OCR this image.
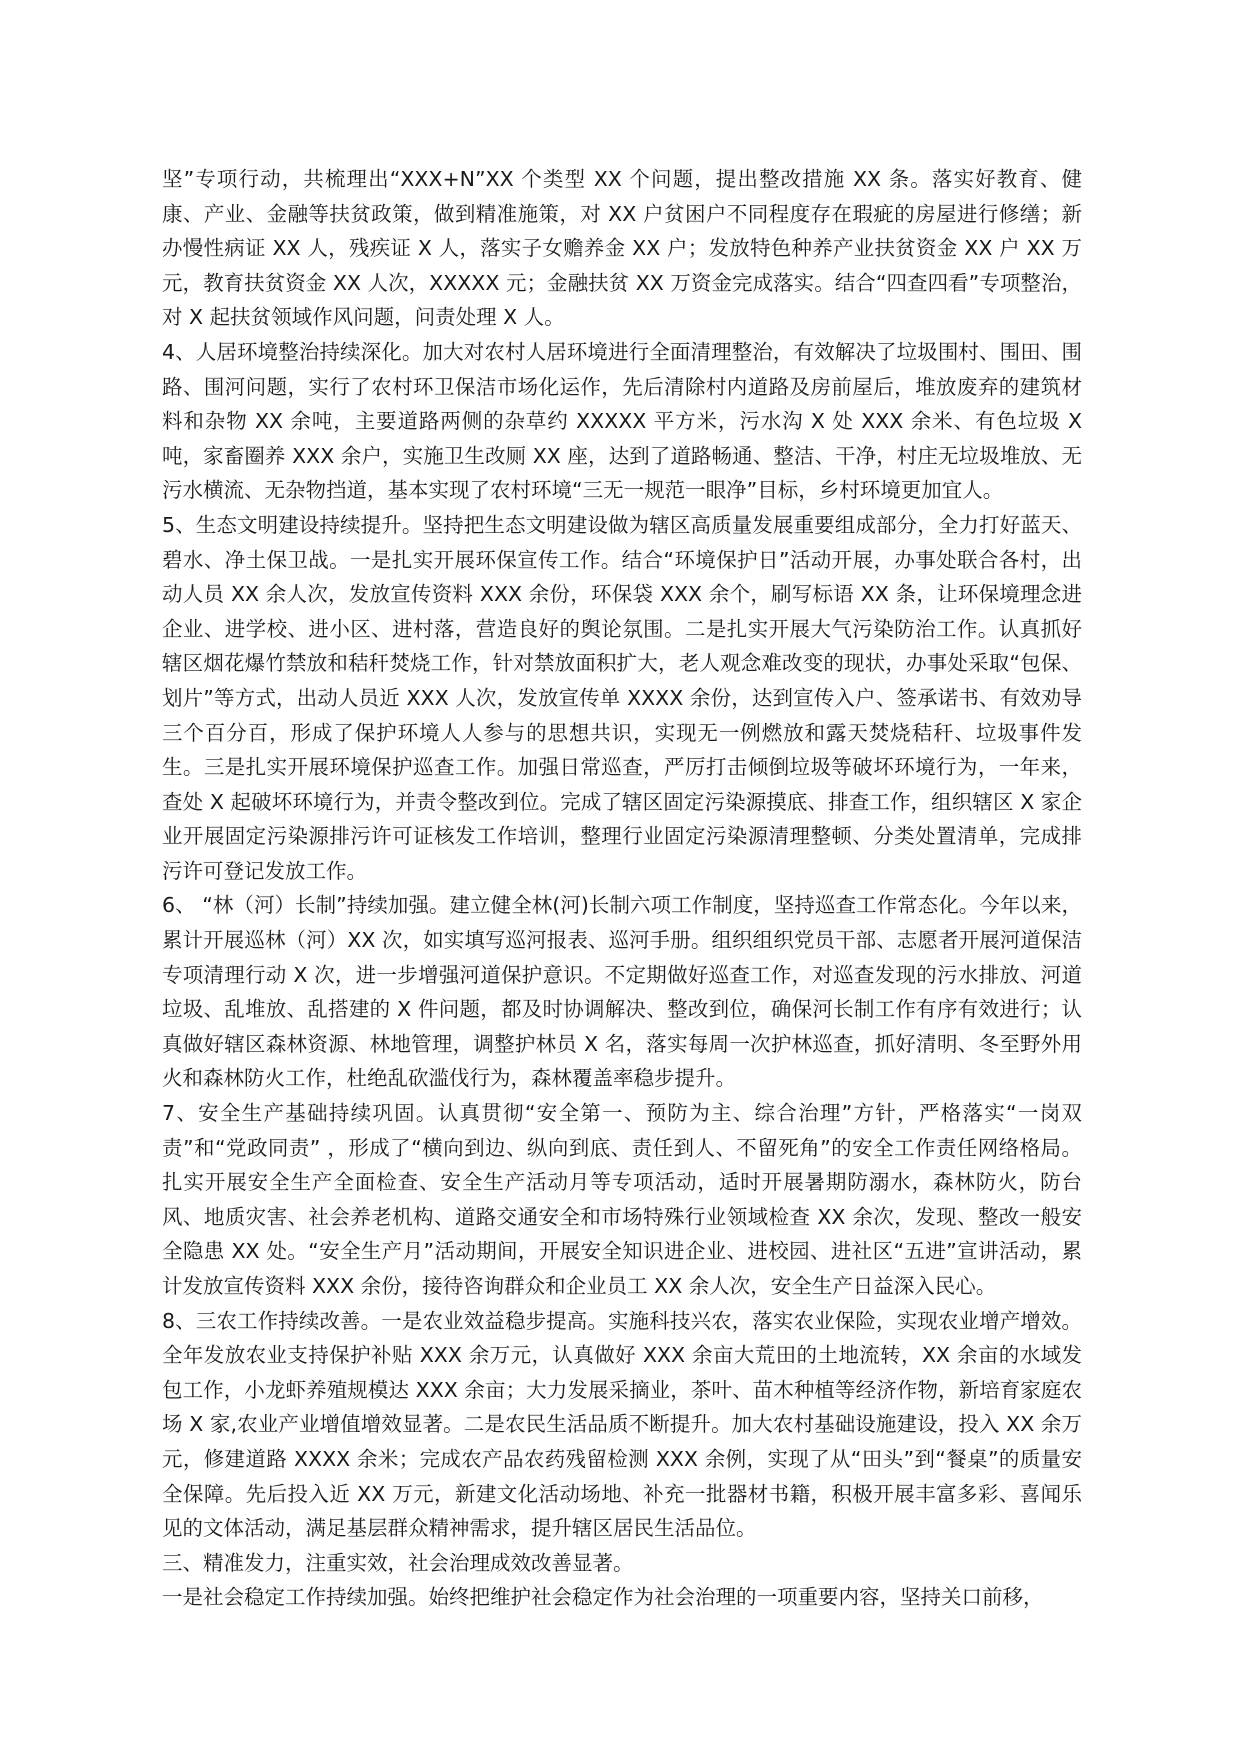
坚”专项行动，共梳理出“XXX+N”XX 个类型 XX 个问题，提出整改措施 XX 条。落实好教育、健康、产业、金融等扶贫政策，做到精准施策，对 XX 户贫困户不同程度存在瑕疵的房屋进行修缮；新办慢性病证 XX 人，残疾证 X 人，落实子女赡养金 XX 户；发放特色种养产业扶贫资金 XX 户 XX 万元，教育扶贫资金 XX 人次，XXXXX 元；金融扶贫 XX 万资金完成落实。结合“四查四看”专项整治，对 X 起扶贫领域作风问题，问责处理 X 人。

4、人居环境整治持续深化。加大对农村人居环境进行全面清理整治，有效解决了垃圾围村、围田、围路、围河问题，实行了农村环卫保洁市场化运作，先后清除村内道路及房前屋后，堆放废弃的建筑材料和杂物 XX 余吨，主要道路两侧的杂草约 XXXXX 平方米，污水沟 X 处 XXX 余米、有色垃圾 X 吨，家畜圈养 XXX 余户，实施卫生改厕 XX 座，达到了道路畅通、整洁、干净，村庄无垃圾堆放、无污水横流、无杂物挡道，基本实现了农村环境“三无一规范一眼净”目标，乡村环境更加宜人。

5、生态文明建设持续提升。坚持把生态文明建设做为辖区高质量发展重要组成部分，全力打好蓝天、碧水、净土保卫战。一是扎实开展环保宣传工作。结合“环境保护日”活动开展，办事处联合各村，出动人员 XX 余人次，发放宣传资料 XXX 余份，环保袋 XXX 余个，刷写标语 XX 条，让环保境理念进企业、进学校、进小区、进村落，营造良好的舆论氛围。二是扎实开展大气污染防治工作。认真抓好辖区烟花爆竹禁放和秸秆焚烧工作，针对禁放面积扩大，老人观念难改变的现状，办事处采取“包保、划片”等方式，出动人员近 XXX 人次，发放宣传单 XXXX 余份，达到宣传入户、签承诺书、有效劝导三个百分百，形成了保护环境人人参与的思想共识，实现无一例燃放和露天焚烧秸秆、垃圾事件发生。三是扎实开展环境保护巡查工作。加强日常巡查，严厉打击倾倒垃圾等破坏环境行为，一年来，查处 X 起破坏环境行为，并责令整改到位。完成了辖区固定污染源摸底、排查工作，组织辖区 X 家企业开展固定污染源排污许可证核发工作培训，整理行业固定污染源清理整顿、分类处置清单，完成排污许可登记发放工作。

6、 “林（河）长制”持续加强。建立健全林(河)长制六项工作制度，坚持巡查工作常态化。今年以来，累计开展巡林（河）XX 次，如实填写巡河报表、巡河手册。组织组织党员干部、志愿者开展河道保洁专项清理行动 X 次，进一步增强河道保护意识。不定期做好巡查工作，对巡查发现的污水排放、河道垃圾、乱堆放、乱搭建的 X 件问题，都及时协调解决、整改到位，确保河长制工作有序有效进行；认真做好辖区森林资源、林地管理，调整护林员 X 名，落实每周一次护林巡查，抓好清明、冬至野外用火和森林防火工作，杜绝乱砍滥伐行为，森林覆盖率稳步提升。

7、安全生产基础持续巩固。认真贯彻“安全第一、预防为主、综合治理”方针，严格落实“一岗双责”和“党政同责” ，形成了“横向到边、纵向到底、责任到人、不留死角”的安全工作责任网络格局。扎实开展安全生产全面检查、安全生产活动月等专项活动，适时开展暑期防溺水，森林防火，防台风、地质灾害、社会养老机构、道路交通安全和市场特殊行业领域检查 XX 余次，发现、整改一般安全隐患 XX 处。“安全生产月”活动期间，开展安全知识进企业、进校园、进社区“五进”宣讲活动，累计发放宣传资料 XXX 余份，接待咨询群众和企业员工 XX 余人次，安全生产日益深入民心。

8、三农工作持续改善。一是农业效益稳步提高。实施科技兴农，落实农业保险，实现农业增产增效。全年发放农业支持保护补贴 XXX 余万元，认真做好 XXX 余亩大荒田的土地流转，XX 余亩的水域发包工作，小龙虾养殖规模达 XXX 余亩；大力发展采摘业，茶叶、苗木种植等经济作物，新培育家庭农场 X 家,农业产业增值增效显著。二是农民生活品质不断提升。加大农村基础设施建设，投入 XX 余万元，修建道路 XXXX 余米；完成农产品农药残留检测 XXX 余例，实现了从“田头”到“餐桌”的质量安全保障。先后投入近 XX 万元，新建文化活动场地、补充一批器材书籍，积极开展丰富多彩、喜闻乐见的文体活动，满足基层群众精神需求，提升辖区居民生活品位。

三、精准发力，注重实效，社会治理成效改善显著。

一是社会稳定工作持续加强。始终把维护社会稳定作为社会治理的一项重要内容，坚持关口前移，
